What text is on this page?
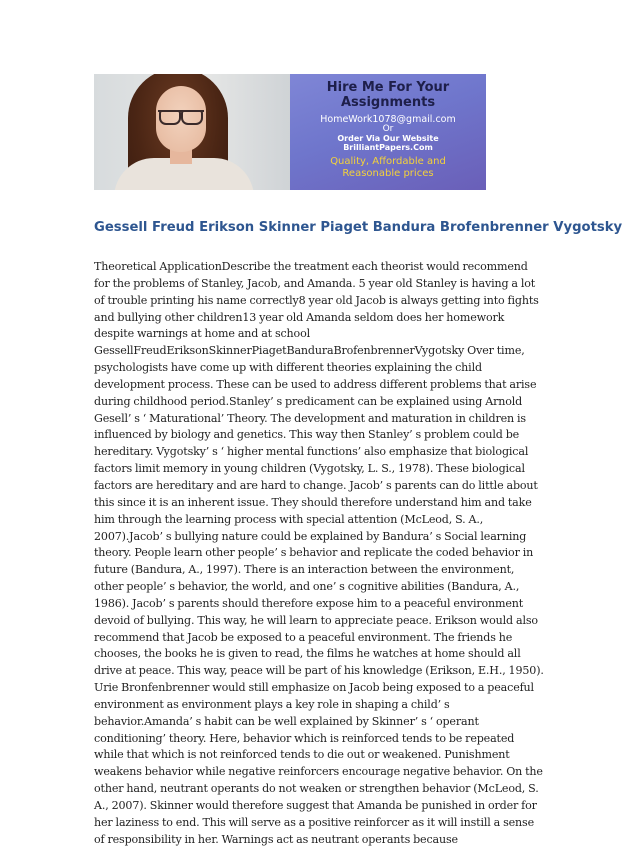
Hire Me For Your
Assignments
HomeWork1078@gmail.com
Or
Order Via Our Website
BrilliantPapers.Com
Quality, Affordable and
Reasonable prices
Gessell Freud Erikson Skinner Piaget Bandura Brofenbrenner Vygotsky

Theoretical ApplicationDescribe the treatment each theorist would recommend for the problems of Stanley, Jacob, and Amanda. 5 year old Stanley is having a lot of trouble printing his name correctly8 year old Jacob is always getting into fights and bullying other children13 year old Amanda seldom does her homework despite warnings at home and at school GessellFreudEriksonSkinnerPiagetBanduraBrofenbrennerVygotsky Over time, psychologists have come up with different theories explaining the child development process. These can be used to address different problems that arise during childhood period.Stanley’ s predicament can be explained using Arnold Gesell’ s ‘ Maturational’ Theory. The development and maturation in children is influenced by biology and genetics. This way then Stanley’ s problem could be hereditary. Vygotsky’ s ‘ higher mental functions’ also emphasize that biological factors limit memory in young children (Vygotsky, L. S., 1978). These biological factors are hereditary and are hard to change. Jacob’ s parents can do little about this since it is an inherent issue. They should therefore understand him and take him through the learning process with special attention (McLeod, S. A., 2007).Jacob’ s bullying nature could be explained by Bandura’ s Social learning theory. People learn other people’ s behavior and replicate the coded behavior in future (Bandura, A., 1997). There is an interaction between the environment, other people’ s behavior, the world, and one’ s cognitive abilities (Bandura, A., 1986). Jacob’ s parents should therefore expose him to a peaceful environment devoid of bullying. This way, he will learn to appreciate peace. Erikson would also recommend that Jacob be exposed to a peaceful environment. The friends he chooses, the books he is given to read, the films he watches at home should all drive at peace. This way, peace will be part of his knowledge (Erikson, E.H., 1950). Urie Bronfenbrenner would still emphasize on Jacob being exposed to a peaceful environment as environment plays a key role in shaping a child’ s behavior.Amanda’ s habit can be well explained by Skinner’ s ‘ operant conditioning’ theory. Here, behavior which is reinforced tends to be repeated while that which is not reinforced tends to die out or weakened. Punishment weakens behavior while negative reinforcers encourage negative behavior. On the other hand, neutrant operants do not weaken or strengthen behavior (McLeod, S. A., 2007). Skinner would therefore suggest that Amanda be punished in order for her laziness to end. This will serve as a positive reinforcer as it will instill a sense of responsibility in her. Warnings act as neutrant operants because
